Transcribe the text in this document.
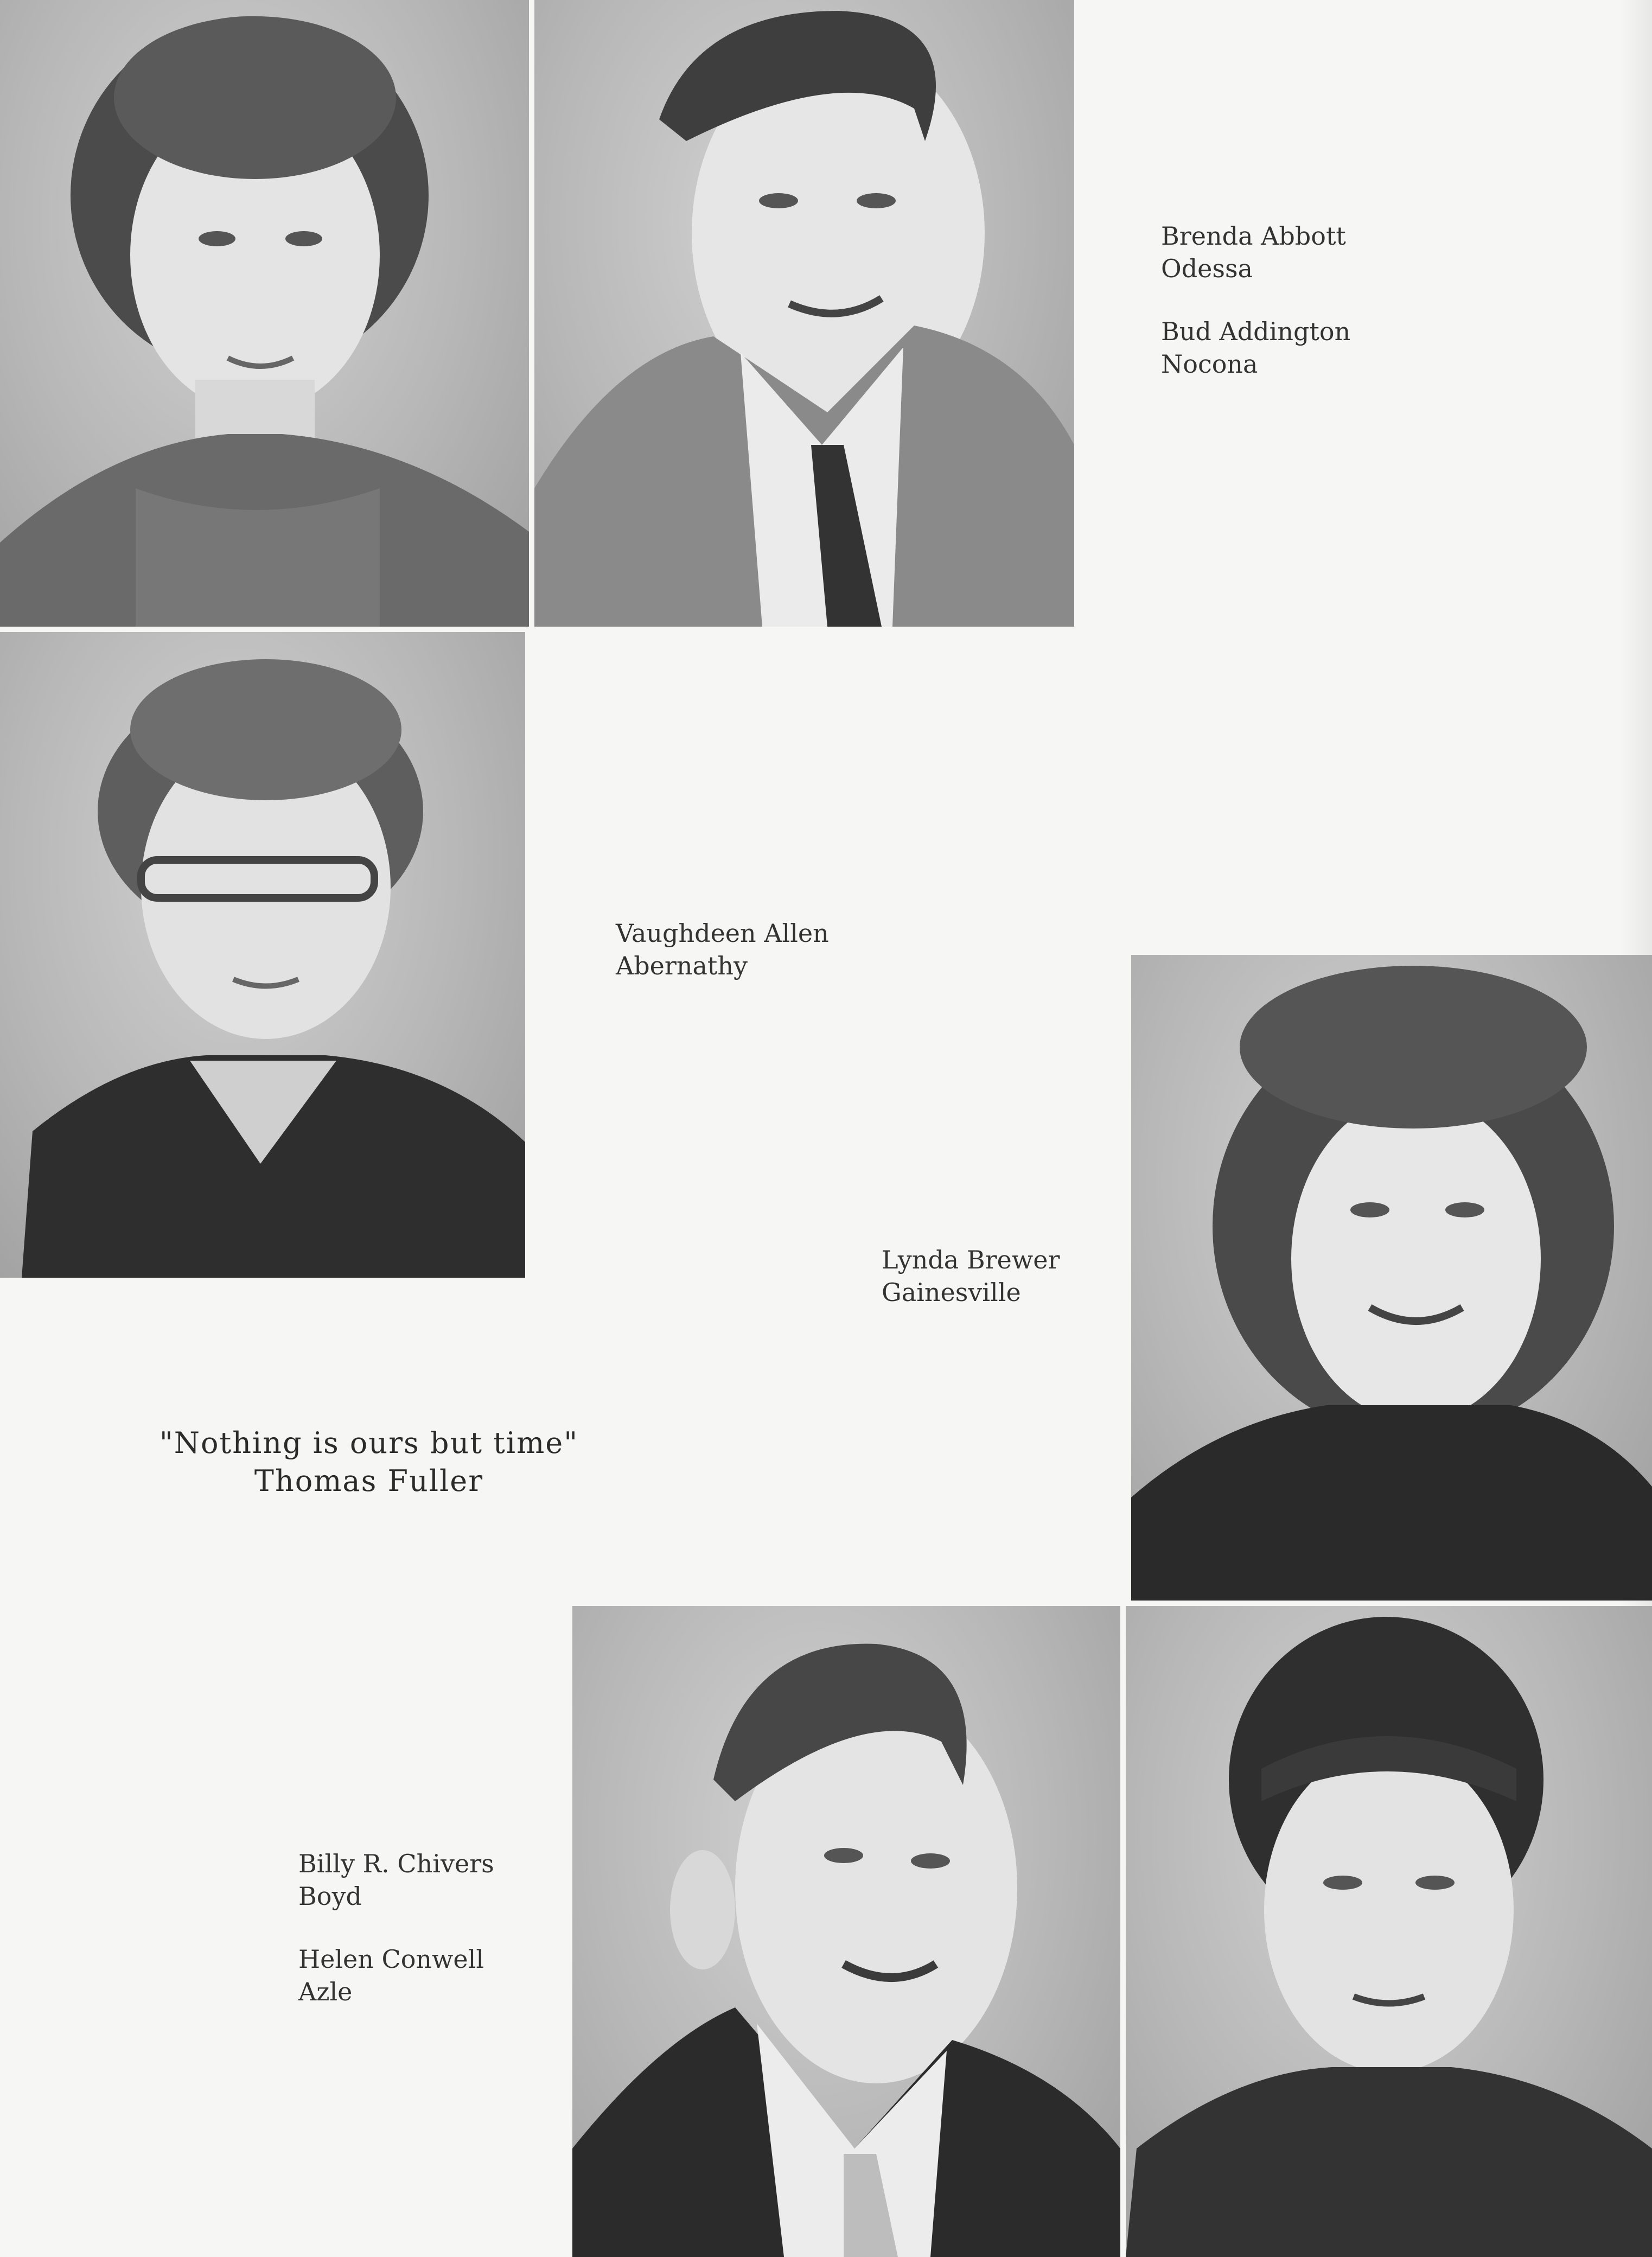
Brenda Abbott
Odessa
Bud Addington
Nocona
Vaughdeen Allen
Abernathy
Lynda Brewer
Gainesville
Billy R. Chivers
Boyd
Helen Conwell
Azle
"Nothing is ours but time"
Thomas Fuller
